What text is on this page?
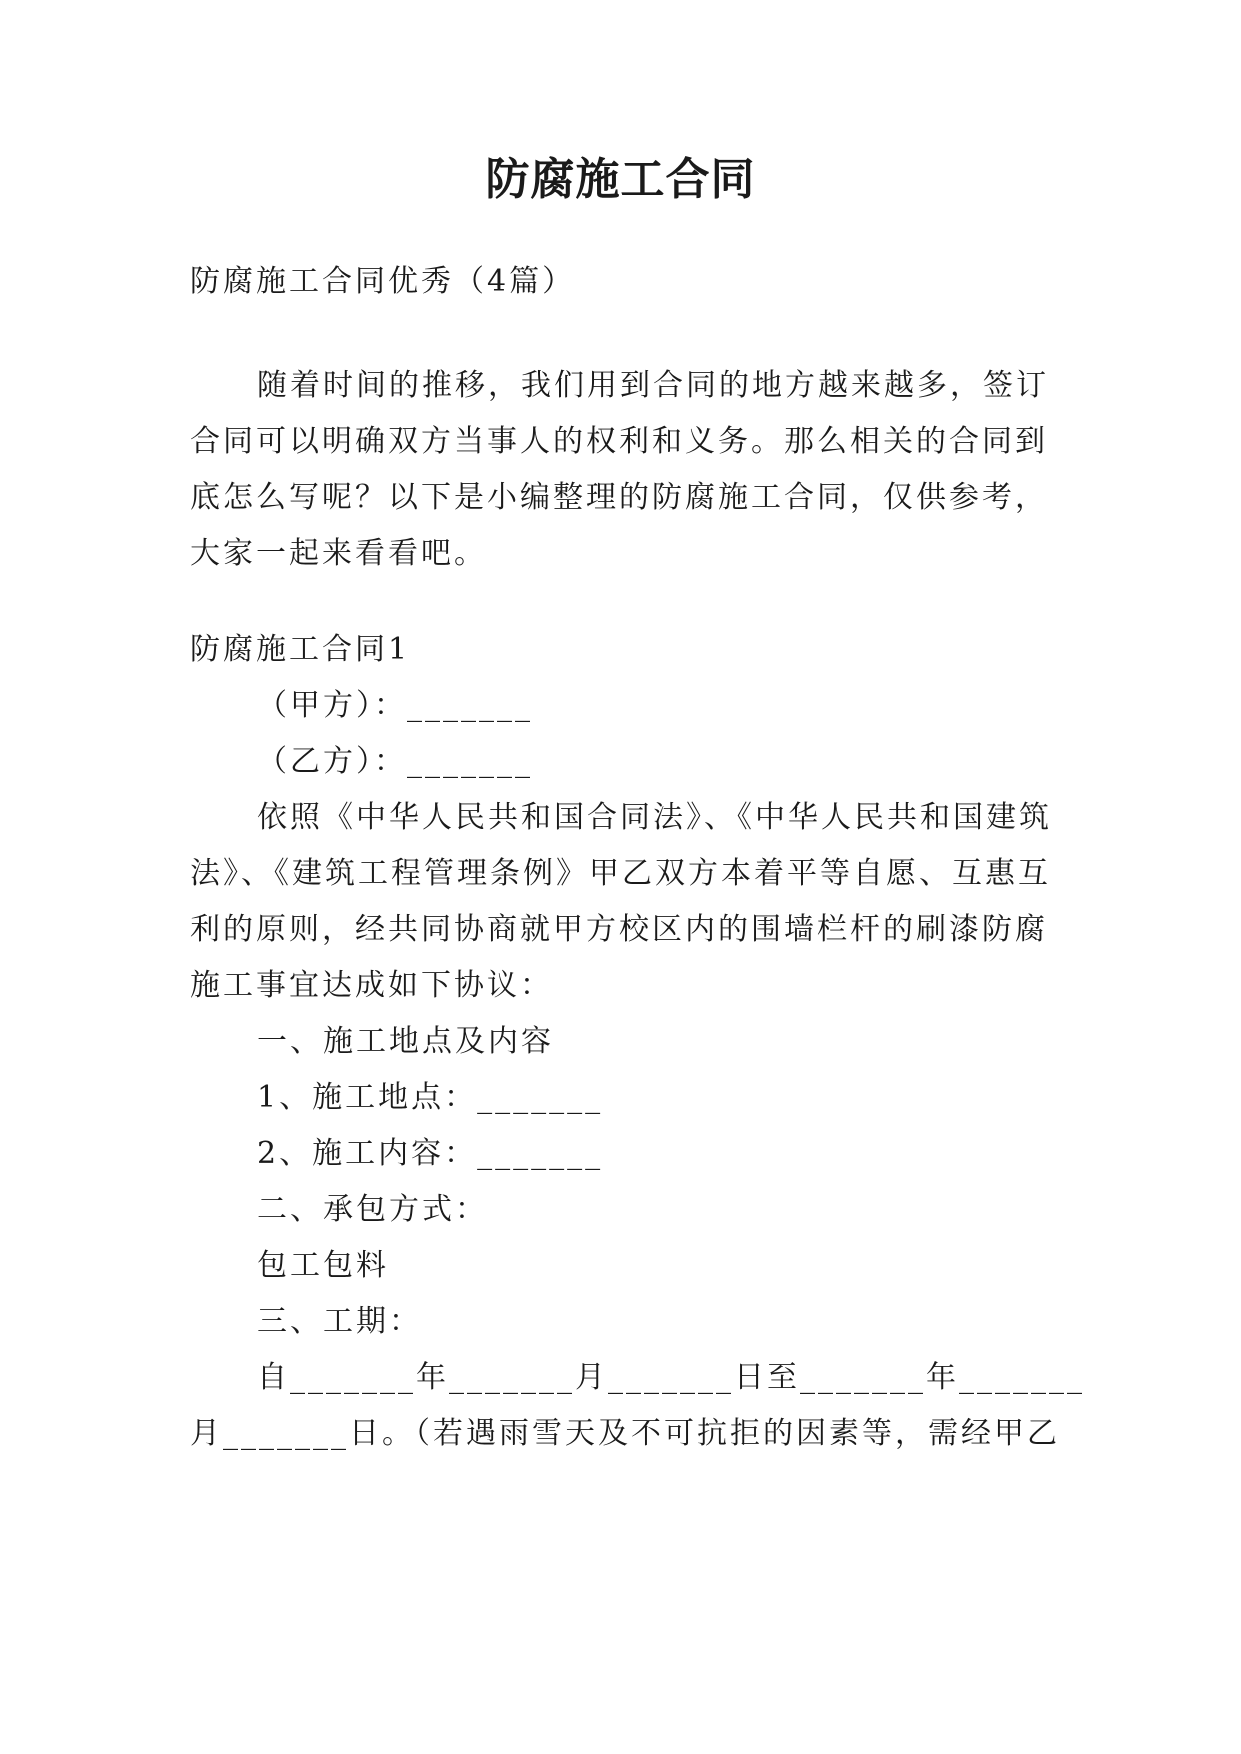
防腐施工合同
防腐施工合同优秀（4篇）
随着时间的推移，我们用到合同的地方越来越多，签订
合同可以明确双方当事人的权利和义务。那么相关的合同到
底怎么写呢？以下是小编整理的防腐施工合同，仅供参考，
大家一起来看看吧。
防腐施工合同1
（甲方）：_______
（乙方）：_______
依照《中华人民共和国合同法》、《中华人民共和国建筑
法》、《建筑工程管理条例》甲乙双方本着平等自愿、互惠互
利的原则，经共同协商就甲方校区内的围墙栏杆的刷漆防腐
施工事宜达成如下协议：
一、施工地点及内容
1、施工地点：_______
2、施工内容：_______
二、承包方式：
包工包料
三、工期：
自_______年_______月_______日至_______年_______
月_______日。（若遇雨雪天及不可抗拒的因素等，需经甲乙
